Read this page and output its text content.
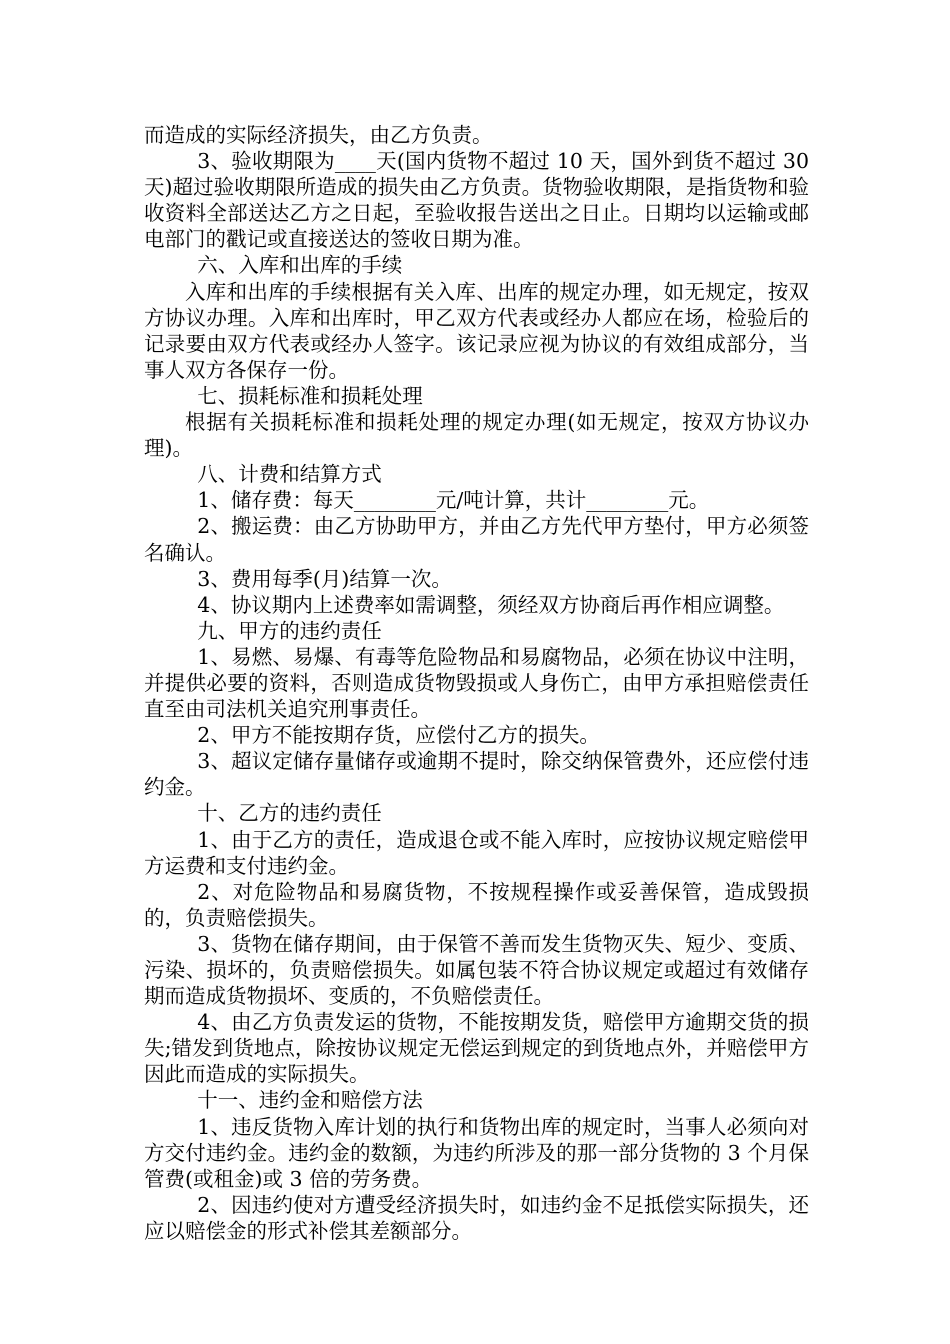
而造成的实际经济损失，由乙方负责。

3、验收期限为____天(国内货物不超过 10 天，国外到货不超过 30 天)超过验收期限所造成的损失由乙方负责。货物验收期限，是指货物和验收资料全部送达乙方之日起，至验收报告送出之日止。日期均以运输或邮电部门的戳记或直接送达的签收日期为准。

六、入库和出库的手续

入库和出库的手续根据有关入库、出库的规定办理，如无规定，按双方协议办理。入库和出库时，甲乙双方代表或经办人都应在场，检验后的记录要由双方代表或经办人签字。该记录应视为协议的有效组成部分，当事人双方各保存一份。

七、损耗标准和损耗处理

根据有关损耗标准和损耗处理的规定办理(如无规定，按双方协议办理)。

八、计费和结算方式

1、储存费：每天________元/吨计算，共计________元。

2、搬运费：由乙方协助甲方，并由乙方先代甲方垫付，甲方必须签名确认。

3、费用每季(月)结算一次。

4、协议期内上述费率如需调整，须经双方协商后再作相应调整。

九、甲方的违约责任

1、易燃、易爆、有毒等危险物品和易腐物品，必须在协议中注明，并提供必要的资料，否则造成货物毁损或人身伤亡，由甲方承担赔偿责任直至由司法机关追究刑事责任。

2、甲方不能按期存货，应偿付乙方的损失。

3、超议定储存量储存或逾期不提时，除交纳保管费外，还应偿付违约金。

十、乙方的违约责任

1、由于乙方的责任，造成退仓或不能入库时，应按协议规定赔偿甲方运费和支付违约金。

2、对危险物品和易腐货物，不按规程操作或妥善保管，造成毁损的，负责赔偿损失。

3、货物在储存期间，由于保管不善而发生货物灭失、短少、变质、污染、损坏的，负责赔偿损失。如属包装不符合协议规定或超过有效储存期而造成货物损坏、变质的，不负赔偿责任。

4、由乙方负责发运的货物，不能按期发货，赔偿甲方逾期交货的损失;错发到货地点，除按协议规定无偿运到规定的到货地点外，并赔偿甲方因此而造成的实际损失。

十一、违约金和赔偿方法

1、违反货物入库计划的执行和货物出库的规定时，当事人必须向对方交付违约金。违约金的数额，为违约所涉及的那一部分货物的 3 个月保管费(或租金)或 3 倍的劳务费。

2、因违约使对方遭受经济损失时，如违约金不足抵偿实际损失，还应以赔偿金的形式补偿其差额部分。
